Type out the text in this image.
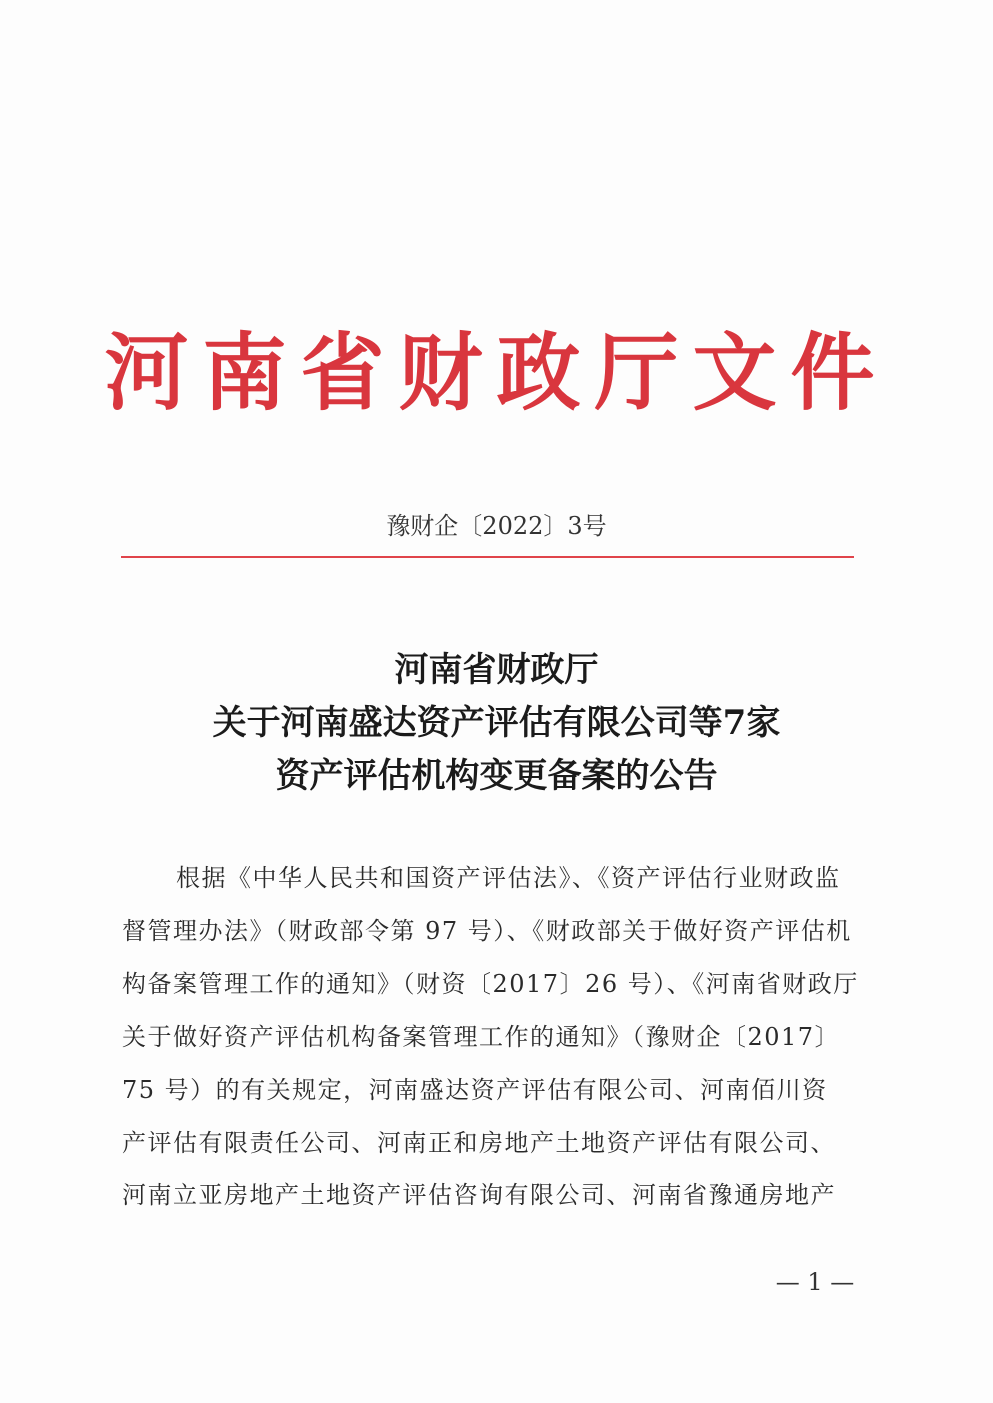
河南省财政厅文件
豫财企〔2022〕3号
河南省财政厅
关于河南盛达资产评估有限公司等7家
资产评估机构变更备案的公告
根据《中华人民共和国资产评估法》、《资产评估行业财政监
督管理办法》（财政部令第 97 号）、《财政部关于做好资产评估机
构备案管理工作的通知》（财资〔2017〕26 号）、《河南省财政厅
关于做好资产评估机构备案管理工作的通知》（豫财企〔2017〕
75 号）的有关规定，河南盛达资产评估有限公司、河南佰川资
产评估有限责任公司、河南正和房地产土地资产评估有限公司、
河南立亚房地产土地资产评估咨询有限公司、河南省豫通房地产
— 1 —
